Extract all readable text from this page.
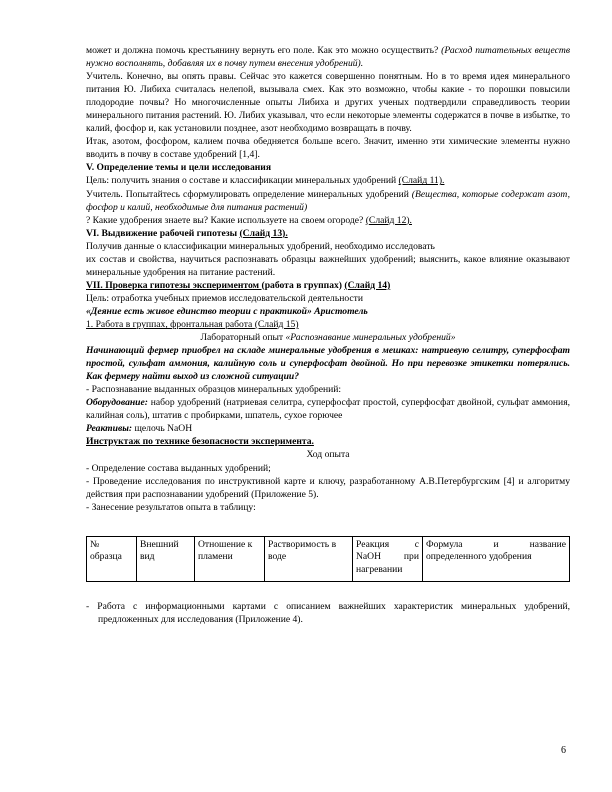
может и должна помочь крестьянину вернуть его поле. Как это можно осуществить? (Расход питательных веществ нужно восполнять, добавляя их в почву путем внесения удобрений).

Учитель. Конечно, вы опять правы. Сейчас это кажется совершенно понятным. Но в то время идея минерального питания Ю. Либиха считалась нелепой, вызывала смех. Как это возможно, чтобы какие - то порошки повысили плодородие почвы? Но многочисленные опыты Либиха и других ученых подтвердили справедливость теории минерального питания растений. Ю. Либих указывал, что если некоторые элементы содержатся в почве в избытке, то калий, фосфор и, как установили позднее, азот необходимо возвращать в почву.

Итак, азотом, фосфором, калием почва обедняется больше всего. Значит, именно эти химические элементы нужно вводить в почву в составе удобрений [1,4].

V. Определение темы и цели исследования

Цель: получить знания о составе и классификации минеральных удобрений (Слайд 11).

Учитель. Попытайтесь сформулировать определение минеральных удобрений (Вещества, которые содержат азот, фосфор и калий, необходимые для питания растений)

? Какие удобрения знаете вы? Какие используете на своем огороде? (Слайд 12).

VI. Выдвижение рабочей гипотезы (Слайд 13).

Получив данные о классификации минеральных удобрений, необходимо исследовать

их состав и свойства, научиться распознавать образцы важнейших удобрений; выяснить, какое влияние оказывают минеральные удобрения на питание растений.

VII. Проверка гипотезы экспериментом (работа в группах) (Слайд 14)

Цель: отработка учебных приемов исследовательской деятельности

«Деяние есть живое единство теории с практикой» Аристотель

1. Работа в группах, фронтальная работа (Слайд 15)

Лабораторный опыт «Распознавание минеральных удобрений»

Начинающий фермер приобрел на складе минеральные удобрения в мешках: натриевую селитру, суперфосфат простой, сульфат аммония, калийную соль и суперфосфат двойной. Но при перевозке этикетки потерялись. Как фермеру найти выход из сложной ситуации?

- Распознавание выданных образцов минеральных удобрений:

Оборудование: набор удобрений (натриевая селитра, суперфосфат простой, суперфосфат двойной, сульфат аммония, калийная соль), штатив с пробирками, шпатель, сухое горючее

Реактивы: щелочь NaOH

Инструктаж по технике безопасности эксперимента.

Ход опыта

- Определение состава выданных удобрений;

- Проведение исследования по инструктивной карте и ключу, разработанному А.В.Петербургским [4] и алгоритму действия при распознавании удобрений (Приложение 5).

- Занесение результатов опыта в таблицу:

№ образца	Внешний вид	Отношение к пламени	Растворимость в воде	Реакция с NaOH при нагревании	Формула и название определенного удобрения

- Работа с информационными картами с описанием важнейших характеристик минеральных удобрений, предложенных для исследования (Приложение 4).

6
